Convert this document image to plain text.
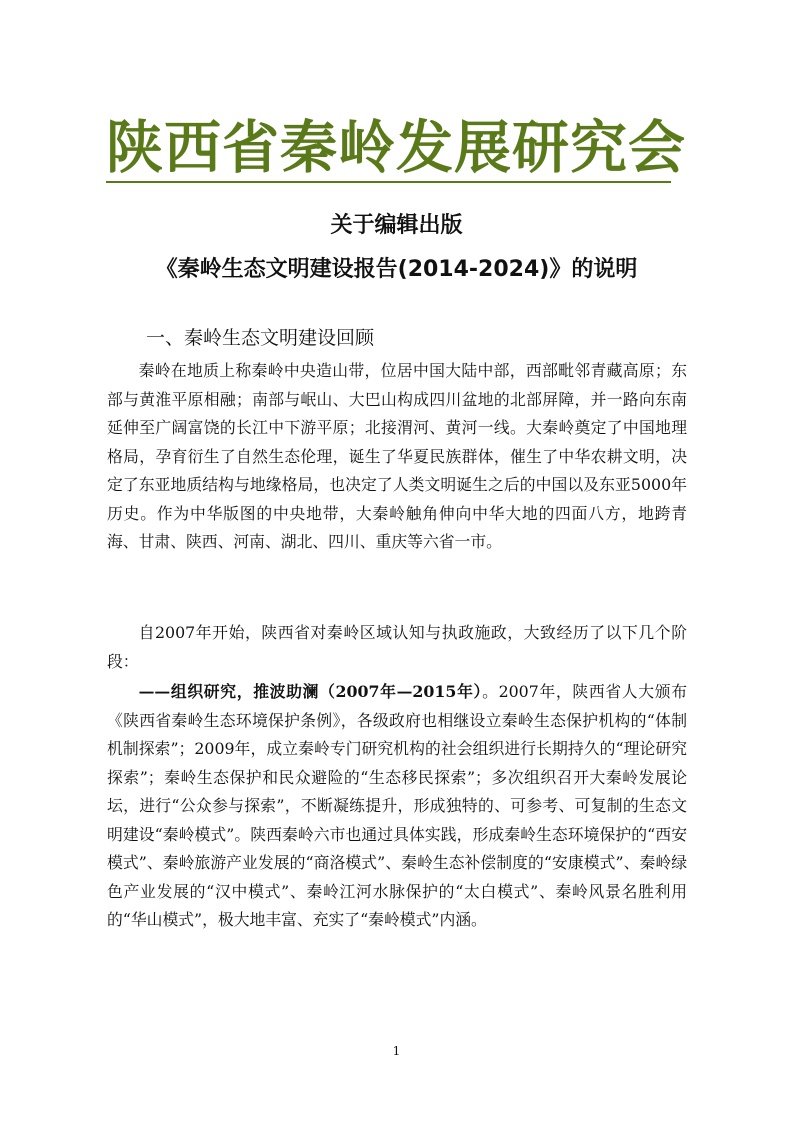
陕西省秦岭发展研究会
关于编辑出版
《秦岭生态文明建设报告(2014-2024)》的说明
一、秦岭生态文明建设回顾

秦岭在地质上称秦岭中央造山带，位居中国大陆中部，西部毗邻青藏高原；东部与黄淮平原相融；南部与岷山、大巴山构成四川盆地的北部屏障，并一路向东南延伸至广阔富饶的长江中下游平原；北接渭河、黄河一线。大秦岭奠定了中国地理格局，孕育衍生了自然生态伦理，诞生了华夏民族群体，催生了中华农耕文明，决定了东亚地质结构与地缘格局，也决定了人类文明诞生之后的中国以及东亚5000年历史。作为中华版图的中央地带，大秦岭触角伸向中华大地的四面八方，地跨青海、甘肃、陕西、河南、湖北、四川、重庆等六省一市。

自2007年开始，陕西省对秦岭区域认知与执政施政，大致经历了以下几个阶段：

——组织研究，推波助澜（2007年—2015年）。2007年，陕西省人大颁布《陕西省秦岭生态环境保护条例》，各级政府也相继设立秦岭生态保护机构的“体制机制探索”；2009年，成立秦岭专门研究机构的社会组织进行长期持久的“理论研究探索”；秦岭生态保护和民众避险的“生态移民探索”；多次组织召开大秦岭发展论坛，进行“公众参与探索”，不断凝练提升，形成独特的、可参考、可复制的生态文明建设“秦岭模式”。陕西秦岭六市也通过具体实践，形成秦岭生态环境保护的“西安模式”、秦岭旅游产业发展的“商洛模式”、秦岭生态补偿制度的“安康模式”、秦岭绿色产业发展的“汉中模式”、秦岭江河水脉保护的“太白模式”、秦岭风景名胜利用的“华山模式”，极大地丰富、充实了“秦岭模式”内涵。

1
